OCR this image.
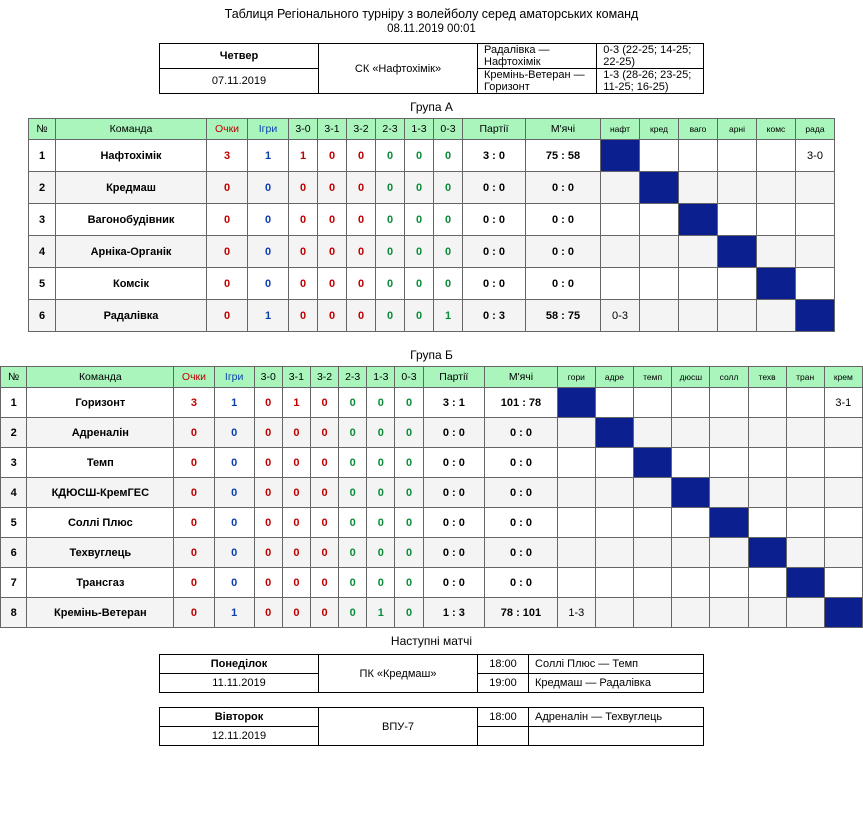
Таблиця Регіонального турніру з волейболу серед аматорських команд
08.11.2019 00:01
Четвер	СК «Нафтохімік»	Радалівка — Нафтохімік	0-3 (22-25; 14-25; 22-25)
07.11.2019		Кремінь-Ветеран — Горизонт	1-3 (28-26; 23-25; 11-25; 16-25)
Група А
№	Команда	Очки	Ігри	3-0	3-1	3-2	2-3	1-3	0-3	Партії	М'ячі	нафт	кред	ваго	арні	комс	рада
1	Нафтохімік	3	1	1	0	0	0	0	0	3 : 0	75 : 58						3-0
2	Кредмаш	0	0	0	0	0	0	0	0	0 : 0	0 : 0						
3	Вагонобудівник	0	0	0	0	0	0	0	0	0 : 0	0 : 0						
4	Арніка-Органік	0	0	0	0	0	0	0	0	0 : 0	0 : 0						
5	Комсік	0	0	0	0	0	0	0	0	0 : 0	0 : 0						
6	Радалівка	0	1	0	0	0	0	0	1	0 : 3	58 : 75	0-3					
Група Б
№	Команда	Очки	Ігри	3-0	3-1	3-2	2-3	1-3	0-3	Партії	М'ячі	гори	адре	темп	дюсш	солл	техв	тран	крем
1	Горизонт	3	1	0	1	0	0	0	0	3 : 1	101 : 78								3-1
2	Адреналін	0	0	0	0	0	0	0	0	0 : 0	0 : 0								
3	Темп	0	0	0	0	0	0	0	0	0 : 0	0 : 0								
4	КДЮСШ-КремГЕС	0	0	0	0	0	0	0	0	0 : 0	0 : 0								
5	Соллі Плюс	0	0	0	0	0	0	0	0	0 : 0	0 : 0								
6	Техвуглець	0	0	0	0	0	0	0	0	0 : 0	0 : 0								
7	Трансгаз	0	0	0	0	0	0	0	0	0 : 0	0 : 0								
8	Кремінь-Ветеран	0	1	0	0	0	0	1	0	1 : 3	78 : 101	1-3							
Наступні матчі
Понеділок	ПК «Кредмаш»	18:00	Соллі Плюс — Темп
11.11.2019		19:00	Кредмаш — Радалівка
Вівторок	ВПУ-7	18:00	Адреналін — Техвуглець
12.11.2019			
